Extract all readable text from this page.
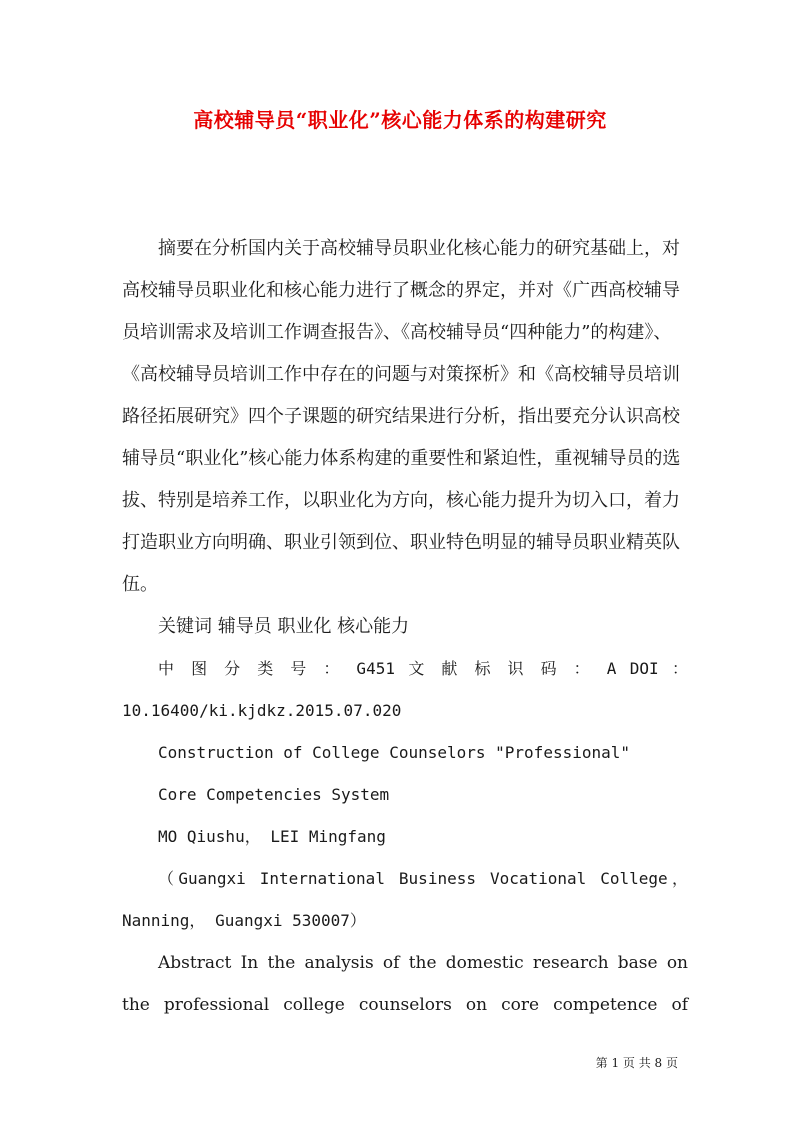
高校辅导员“职业化”核心能力体系的构建研究

摘要在分析国内关于高校辅导员职业化核心能力的研究基础上，对高校辅导员职业化和核心能力进行了概念的界定，并对《广西高校辅导员培训需求及培训工作调查报告》、《高校辅导员“四种能力”的构建》、《高校辅导员培训工作中存在的问题与对策探析》和《高校辅导员培训路径拓展研究》四个子课题的研究结果进行分析，指出要充分认识高校辅导员“职业化”核心能力体系构建的重要性和紧迫性，重视辅导员的选拔、特别是培养工作，以职业化为方向，核心能力提升为切入口，着力打造职业方向明确、职业引领到位、职业特色明显的辅导员职业精英队伍。

关键词 辅导员 职业化 核心能力

中 图 分 类 号 ： G451 文 献 标 识 码 ： A DOI ：

10.16400/ki.kjdkz.2015.07.020

Construction of College Counselors "Professional"

Core Competencies System

MO Qiushu， LEI Mingfang

（Guangxi International Business Vocational College，

Nanning， Guangxi 530007）

Abstract In the analysis of the domestic research base on

the professional college counselors on core competence of

第 1 页 共 8 页
